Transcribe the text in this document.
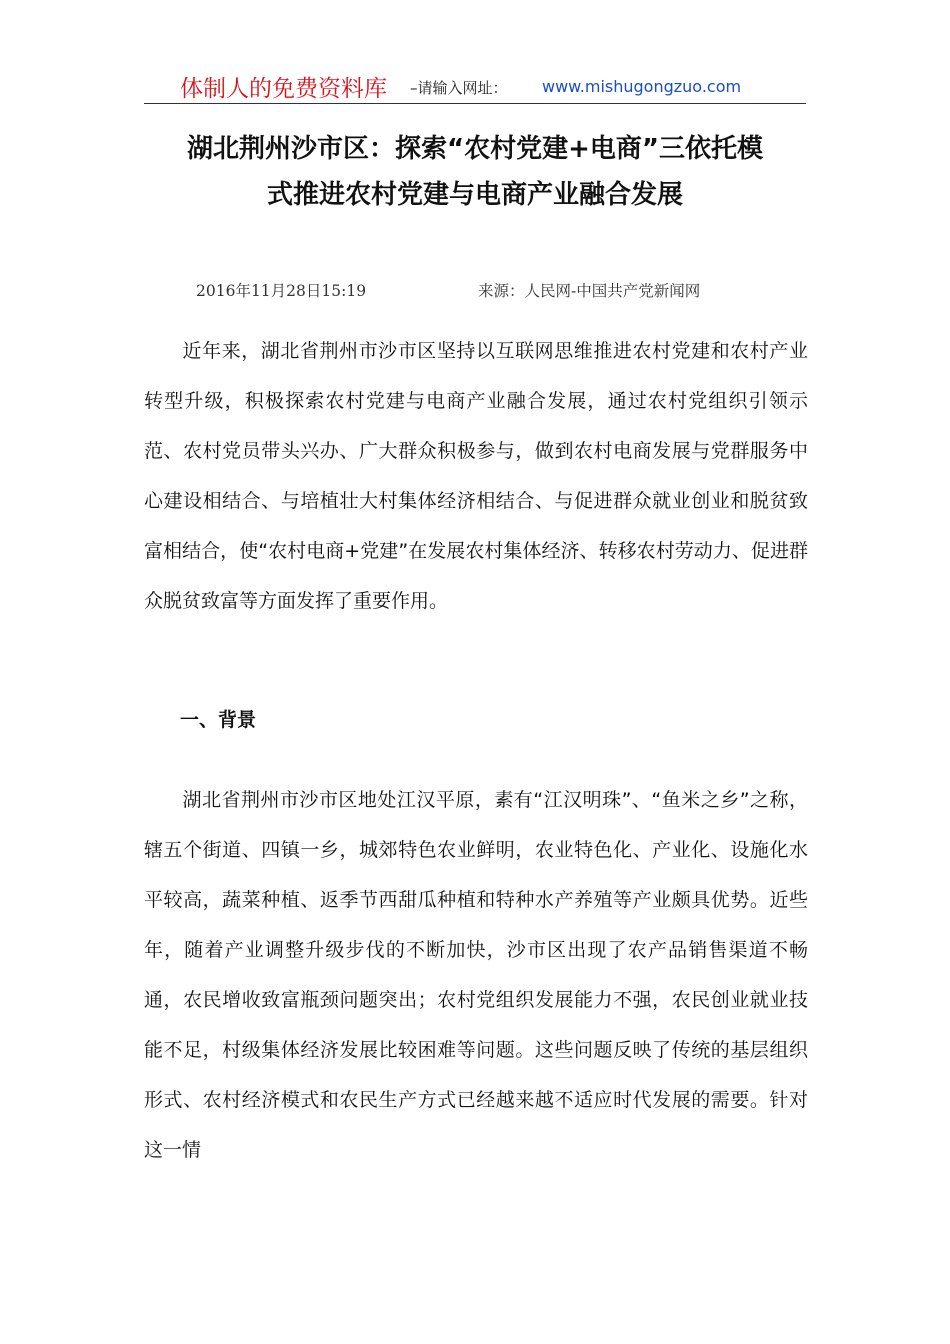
体制人的免费资料库 –请输入网址： www.mishugongzuo.com
湖北荆州沙市区：探索“农村党建+电商”三依托模
式推进农村党建与电商产业融合发展
2016年11月28日15:19	来源：人民网-中国共产党新闻网
近年来，湖北省荆州市沙市区坚持以互联网思维推进农村党建和农村产业转型升级，积极探索农村党建与电商产业融合发展，通过农村党组织引领示范、农村党员带头兴办、广大群众积极参与，做到农村电商发展与党群服务中心建设相结合、与培植壮大村集体经济相结合、与促进群众就业创业和脱贫致富相结合，使“农村电商+党建”在发展农村集体经济、转移农村劳动力、促进群众脱贫致富等方面发挥了重要作用。
一、背景
湖北省荆州市沙市区地处江汉平原，素有“江汉明珠”、“鱼米之乡”之称，辖五个街道、四镇一乡，城郊特色农业鲜明，农业特色化、产业化、设施化水平较高，蔬菜种植、返季节西甜瓜种植和特种水产养殖等产业颇具优势。近些年，随着产业调整升级步伐的不断加快，沙市区出现了农产品销售渠道不畅通，农民增收致富瓶颈问题突出；农村党组织发展能力不强，农民创业就业技能不足，村级集体经济发展比较困难等问题。这些问题反映了传统的基层组织形式、农村经济模式和农民生产方式已经越来越不适应时代发展的需要。针对这一情
